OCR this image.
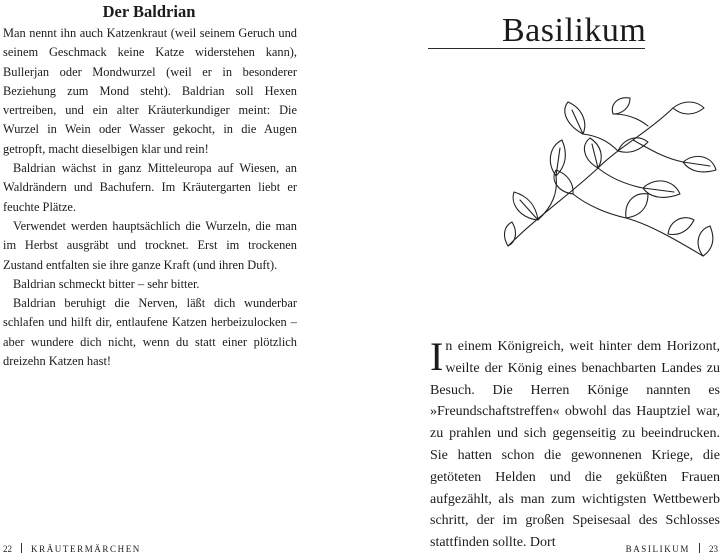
Der Baldrian

Man nennt ihn auch Katzenkraut (weil seinem Geruch und seinem Geschmack keine Katze widerstehen kann), Bullerjan oder Mondwurzel (weil er in besonderer Beziehung zum Mond steht). Baldrian soll Hexen vertreiben, und ein alter Kräuterkundiger meint: Die Wurzel in Wein oder Wasser gekocht, in die Augen getropft, macht dieselbigen klar und rein!

Baldrian wächst in ganz Mitteleuropa auf Wiesen, an Waldrändern und Bachufern. Im Kräutergarten liebt er feuchte Plätze.

Verwendet werden hauptsächlich die Wurzeln, die man im Herbst ausgräbt und trocknet. Erst im trockenen Zustand entfalten sie ihre ganze Kraft (und ihren Duft).

Baldrian schmeckt bitter – sehr bitter.

Baldrian beruhigt die Nerven, läßt dich wunderbar schlafen und hilft dir, entlaufene Katzen herbeizulocken – aber wundere dich nicht, wenn du statt einer plötzlich dreizehn Katzen hast!

22 KRÄUTERMÄRCHEN
Basilikum

In einem Königreich, weit hinter dem Horizont, weilte der König eines benachbarten Landes zu Besuch. Die Herren Könige nannten es »Freundschaftstreffen« obwohl das Hauptziel war, zu prahlen und sich gegenseitig zu beeindrucken. Sie hatten schon die gewonnenen Kriege, die getöteten Helden und die geküßten Frauen aufgezählt, als man zum wichtigsten Wettbewerb schritt, der im großen Speisesaal des Schlosses stattfinden sollte. Dort	BASILIKUM 23
